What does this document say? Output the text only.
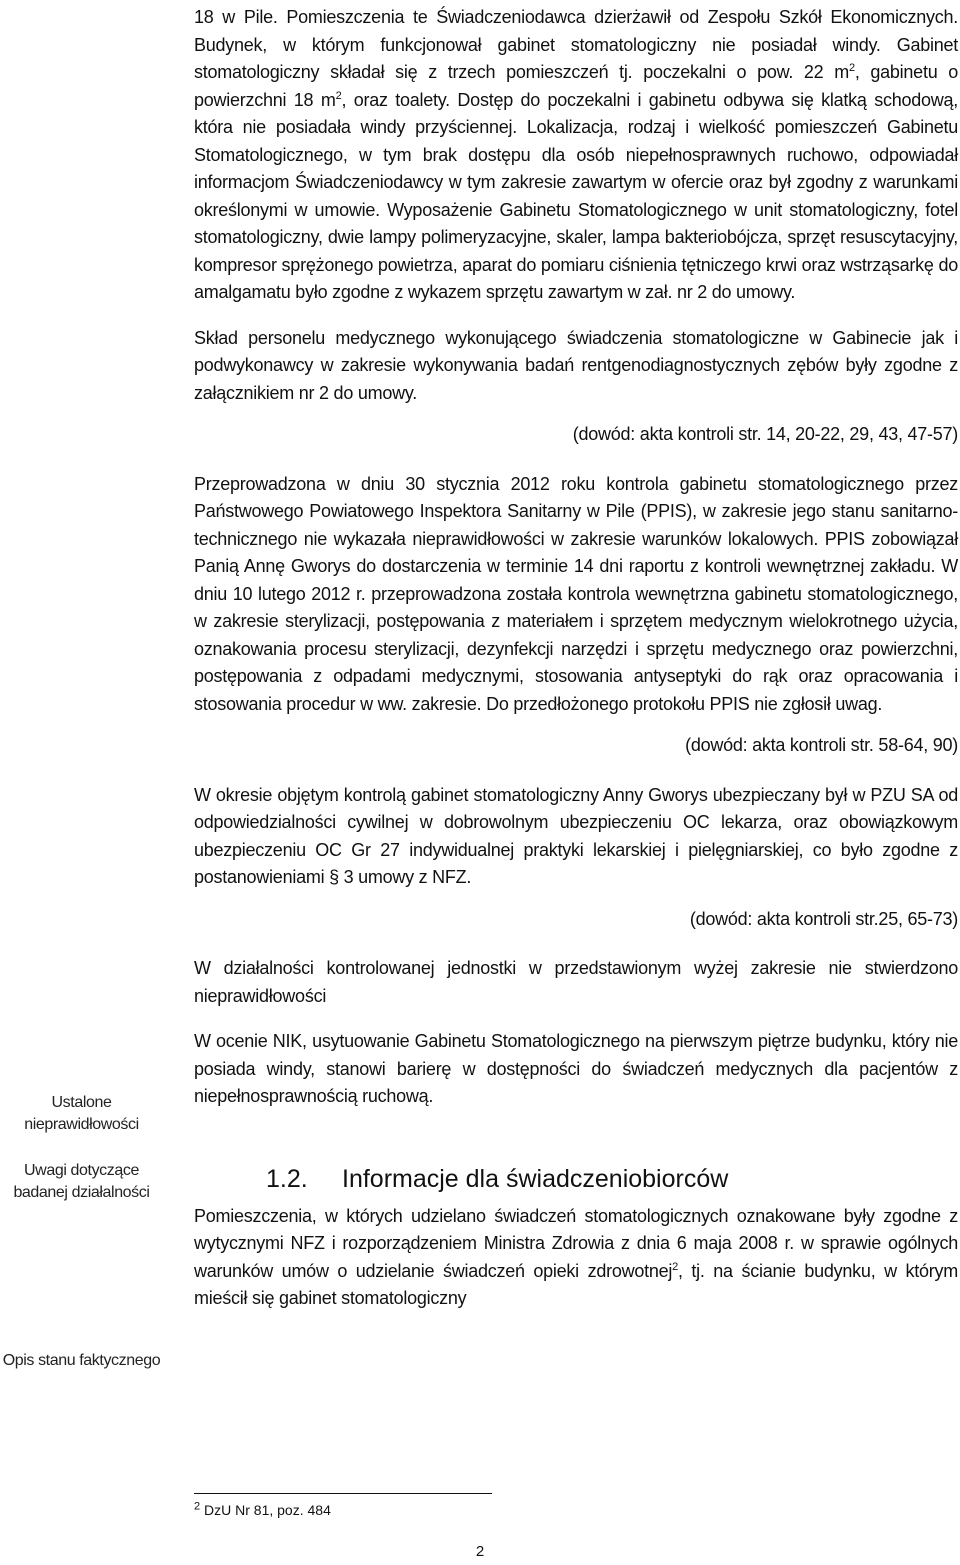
Ustalone nieprawidłowości
Uwagi dotyczące badanej działalności
Opis stanu faktycznego

18 w Pile. Pomieszczenia te Świadczeniodawca dzierżawił od Zespołu Szkół Ekonomicznych. Budynek, w którym funkcjonował gabinet stomatologiczny nie posiadał windy. Gabinet stomatologiczny składał się z trzech pomieszczeń tj. poczekalni o pow. 22 $m^2$, gabinetu o powierzchni 18 $m^2$, oraz toalety. Dostęp do poczekalni i gabinetu odbywa się klatką schodową, która nie posiadała windy przyściennej. Lokalizacja, rodzaj i wielkość pomieszczeń Gabinetu Stomatologicznego, w tym brak dostępu dla osób niepełnosprawnych ruchowo, odpowiadał informacjom Świadczeniodawcy w tym zakresie zawartym w ofercie oraz był zgodny z warunkami określonymi w umowie. Wyposażenie Gabinetu Stomatologicznego w unit stomatologiczny, fotel stomatologiczny, dwie lampy polimeryzacyjne, skaler, lampa bakteriobójcza, sprzęt resuscytacyjny, kompresor sprężonego powietrza, aparat do pomiaru ciśnienia tętniczego krwi oraz wstrząsarkę do amalgamatu było zgodne z wykazem sprzętu zawartym w zał. nr 2 do umowy.

Skład personelu medycznego wykonującego świadczenia stomatologiczne w Gabinecie jak i podwykonawcy w zakresie wykonywania badań rentgenodiagnostycznych zębów były zgodne z załącznikiem nr 2 do umowy.

(dowód: akta kontroli str. 14, 20-22, 29, 43, 47-57)

Przeprowadzona w dniu 30 stycznia 2012 roku kontrola gabinetu stomatologicznego przez Państwowego Powiatowego Inspektora Sanitarny w Pile (PPIS), w zakresie jego stanu sanitarno-technicznego nie wykazała nieprawidłowości w zakresie warunków lokalowych. PPIS zobowiązał Panią Annę Gworys do dostarczenia w terminie 14 dni raportu z kontroli wewnętrznej zakładu. W dniu 10 lutego 2012 r. przeprowadzona została kontrola wewnętrzna gabinetu stomatologicznego, w zakresie sterylizacji, postępowania z materiałem i sprzętem medycznym wielokrotnego użycia, oznakowania procesu sterylizacji, dezynfekcji narzędzi i sprzętu medycznego oraz powierzchni, postępowania z odpadami medycznymi, stosowania antyseptyki do rąk oraz opracowania i stosowania procedur w ww. zakresie. Do przedłożonego protokołu PPIS nie zgłosił uwag.

(dowód: akta kontroli str. 58-64, 90)

W okresie objętym kontrolą gabinet stomatologiczny Anny Gworys ubezpieczany był w PZU SA od odpowiedzialności cywilnej w dobrowolnym ubezpieczeniu OC lekarza, oraz obowiązkowym ubezpieczeniu OC Gr 27 indywidualnej praktyki lekarskiej i pielęgniarskiej, co było zgodne z postanowieniami § 3 umowy z NFZ.

(dowód: akta kontroli str.25, 65-73)

W działalności kontrolowanej jednostki w przedstawionym wyżej zakresie nie stwierdzono nieprawidłowości

W ocenie NIK, usytuowanie Gabinetu Stomatologicznego na pierwszym piętrze budynku, który nie posiada windy, stanowi barierę w dostępności do świadczeń medycznych dla pacjentów z niepełnosprawnością ruchową.

1.2. Informacje dla świadczeniobiorców

Pomieszczenia, w których udzielano świadczeń stomatologicznych oznakowane były zgodne z wytycznymi NFZ i rozporządzeniem Ministra Zdrowia z dnia 6 maja 2008 r. w sprawie ogólnych warunków umów o udzielanie świadczeń opieki zdrowotnej$^2$, tj. na ścianie budynku, w którym mieścił się gabinet stomatologiczny

$^2$ DzU Nr 81, poz. 484
2
